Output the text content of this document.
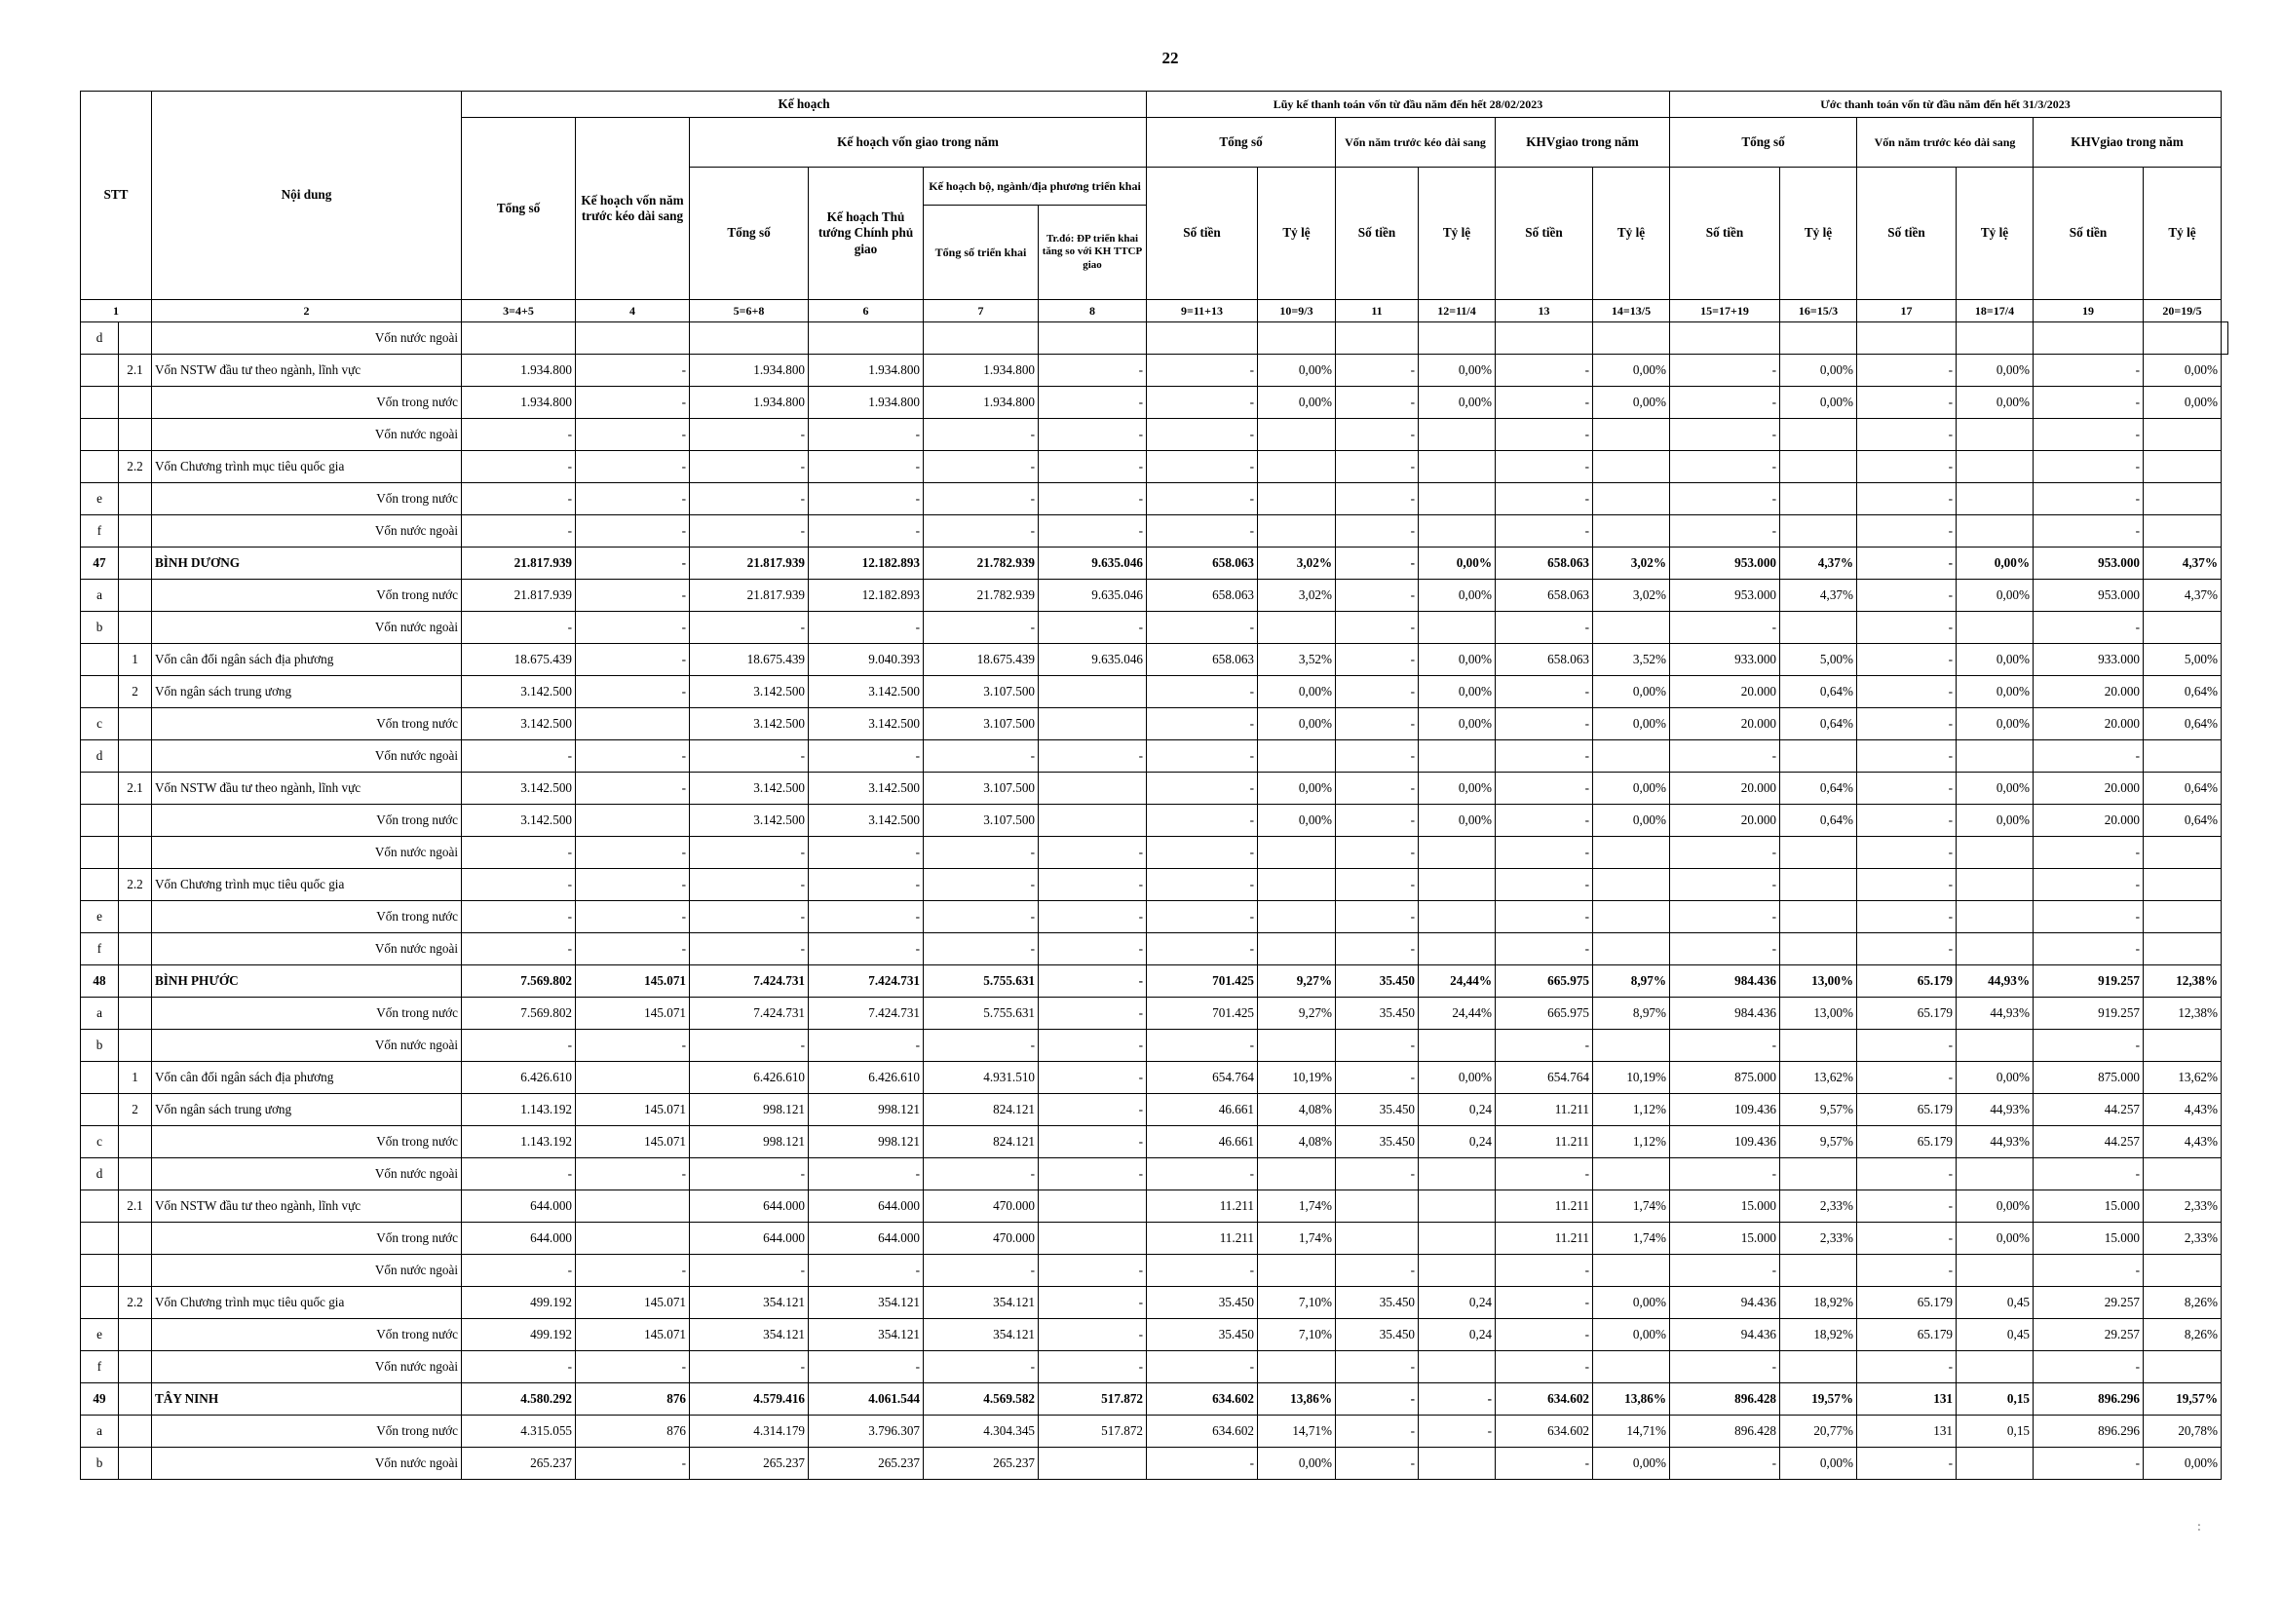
22
STT		Nội dung	Kế hoạch						Lũy kế thanh toán vốn từ đầu năm đến hết 28/02/2023						Ước thanh toán vốn từ đầu năm đến hết 31/3/2023						
			Tổng số	Kế hoạch vốn năm trước kéo dài sang	Kế hoạch vốn giao trong năm				Tổng số		Vốn năm trước kéo dài sang		KHVgiao trong năm		Tổng số		Vốn năm trước kéo dài sang		KHVgiao trong năm		
					Tổng số	Kế hoạch Thủ tướng Chính phủ giao	Kế hoạch bộ, ngành/địa phương triển khai		Số tiền	Tỷ lệ	Số tiền	Tỷ lệ	Số tiền	Tỷ lệ	Số tiền	Tỷ lệ	Số tiền	Tỷ lệ	Số tiền	Tỷ lệ	
							Tổng số triển khai	Tr.đó: ĐP triển khai tăng so với KH TTCP giao													
1		2	3=4+5	4	5=6+8	6	7	8	9=11+13	10=9/3	11	12=11/4	13	14=13/5	15=17+19	16=15/3	17	18=17/4	19	20=19/5	
d		Vốn nước ngoài																			
	2.1	Vốn NSTW đầu tư theo ngành, lĩnh vực	1.934.800	-	1.934.800	1.934.800	1.934.800	-	-	0,00%	-	0,00%	-	0,00%	-	0,00%	-	0,00%	-	0,00%	
		Vốn trong nước	1.934.800	-	1.934.800	1.934.800	1.934.800	-	-	0,00%	-	0,00%	-	0,00%	-	0,00%	-	0,00%	-	0,00%	
		Vốn nước ngoài	-	-	-	-	-	-	-		-		-		-		-		-		
	2.2	Vốn Chương trình mục tiêu quốc gia	-	-	-	-	-	-	-		-		-		-		-		-		
e		Vốn trong nước	-	-	-	-	-	-	-		-		-		-		-		-		
f		Vốn nước ngoài	-	-	-	-	-	-	-		-		-		-		-		-		
47		BÌNH DƯƠNG	21.817.939	-	21.817.939	12.182.893	21.782.939	9.635.046	658.063	3,02%	-	0,00%	658.063	3,02%	953.000	4,37%	-	0,00%	953.000	4,37%	
a		Vốn trong nước	21.817.939	-	21.817.939	12.182.893	21.782.939	9.635.046	658.063	3,02%	-	0,00%	658.063	3,02%	953.000	4,37%	-	0,00%	953.000	4,37%	
b		Vốn nước ngoài	-	-	-	-	-	-	-		-		-		-		-		-		
	1	Vốn cân đối ngân sách địa phương	18.675.439	-	18.675.439	9.040.393	18.675.439	9.635.046	658.063	3,52%	-	0,00%	658.063	3,52%	933.000	5,00%	-	0,00%	933.000	5,00%	
	2	Vốn ngân sách trung ương	3.142.500	-	3.142.500	3.142.500	3.107.500		-	0,00%	-	0,00%	-	0,00%	20.000	0,64%	-	0,00%	20.000	0,64%	
c		Vốn trong nước	3.142.500		3.142.500	3.142.500	3.107.500		-	0,00%	-	0,00%	-	0,00%	20.000	0,64%	-	0,00%	20.000	0,64%	
d		Vốn nước ngoài	-	-	-	-	-	-	-		-		-		-		-		-		
	2.1	Vốn NSTW đầu tư theo ngành, lĩnh vực	3.142.500	-	3.142.500	3.142.500	3.107.500		-	0,00%	-	0,00%	-	0,00%	20.000	0,64%	-	0,00%	20.000	0,64%	
		Vốn trong nước	3.142.500		3.142.500	3.142.500	3.107.500		-	0,00%	-	0,00%	-	0,00%	20.000	0,64%	-	0,00%	20.000	0,64%	
		Vốn nước ngoài	-	-	-	-	-	-	-		-		-		-		-		-		
	2.2	Vốn Chương trình mục tiêu quốc gia	-	-	-	-	-	-	-		-		-		-		-		-		
e		Vốn trong nước	-	-	-	-	-	-	-		-		-		-		-		-		
f		Vốn nước ngoài	-	-	-	-	-	-	-		-		-		-		-		-		
48		BÌNH PHƯỚC	7.569.802	145.071	7.424.731	7.424.731	5.755.631	-	701.425	9,27%	35.450	24,44%	665.975	8,97%	984.436	13,00%	65.179	44,93%	919.257	12,38%	
a		Vốn trong nước	7.569.802	145.071	7.424.731	7.424.731	5.755.631	-	701.425	9,27%	35.450	24,44%	665.975	8,97%	984.436	13,00%	65.179	44,93%	919.257	12,38%	
b		Vốn nước ngoài	-	-	-	-	-	-	-		-		-		-		-		-		
	1	Vốn cân đối ngân sách địa phương	6.426.610		6.426.610	6.426.610	4.931.510	-	654.764	10,19%	-	0,00%	654.764	10,19%	875.000	13,62%	-	0,00%	875.000	13,62%	
	2	Vốn ngân sách trung ương	1.143.192	145.071	998.121	998.121	824.121	-	46.661	4,08%	35.450	0,24	11.211	1,12%	109.436	9,57%	65.179	44,93%	44.257	4,43%	
c		Vốn trong nước	1.143.192	145.071	998.121	998.121	824.121	-	46.661	4,08%	35.450	0,24	11.211	1,12%	109.436	9,57%	65.179	44,93%	44.257	4,43%	
d		Vốn nước ngoài	-	-	-	-	-	-	-		-		-		-		-		-		
	2.1	Vốn NSTW đầu tư theo ngành, lĩnh vực	644.000		644.000	644.000	470.000		11.211	1,74%			11.211	1,74%	15.000	2,33%	-	0,00%	15.000	2,33%	
		Vốn trong nước	644.000		644.000	644.000	470.000		11.211	1,74%			11.211	1,74%	15.000	2,33%	-	0,00%	15.000	2,33%	
		Vốn nước ngoài	-	-	-	-	-	-	-		-		-		-		-		-		
	2.2	Vốn Chương trình mục tiêu quốc gia	499.192	145.071	354.121	354.121	354.121	-	35.450	7,10%	35.450	0,24	-	0,00%	94.436	18,92%	65.179	0,45	29.257	8,26%	
e		Vốn trong nước	499.192	145.071	354.121	354.121	354.121	-	35.450	7,10%	35.450	0,24	-	0,00%	94.436	18,92%	65.179	0,45	29.257	8,26%	
f		Vốn nước ngoài	-	-	-	-	-	-	-		-		-		-		-		-		
49		TÂY NINH	4.580.292	876	4.579.416	4.061.544	4.569.582	517.872	634.602	13,86%	-	-	634.602	13,86%	896.428	19,57%	131	0,15	896.296	19,57%	
a		Vốn trong nước	4.315.055	876	4.314.179	3.796.307	4.304.345	517.872	634.602	14,71%	-	-	634.602	14,71%	896.428	20,77%	131	0,15	896.296	20,78%	
b		Vốn nước ngoài	265.237	-	265.237	265.237	265.237		-	0,00%	-		-	0,00%	-	0,00%	-		-	0,00%	
:
